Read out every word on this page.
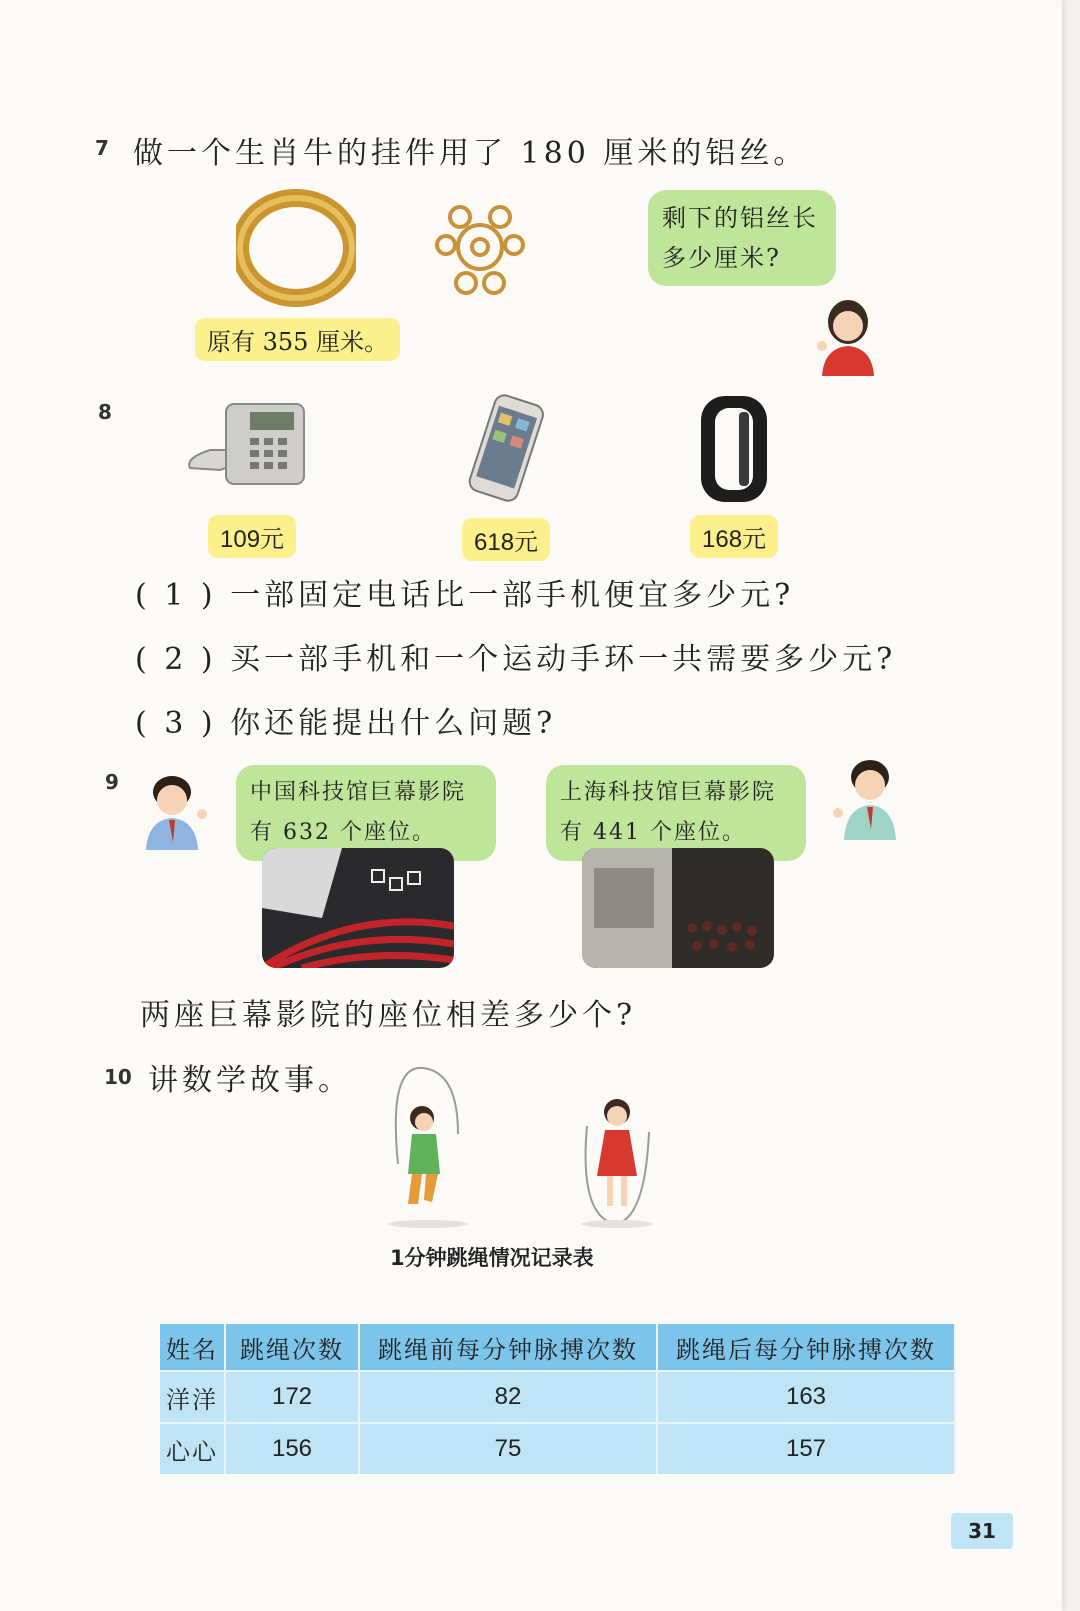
7 做一个生肖牛的挂件用了 180 厘米的铝丝。
原有 355 厘米。
剩下的铝丝长
多少厘米?
8
109元	618元	168元
( 1 ) 一部固定电话比一部手机便宜多少元?
( 2 ) 买一部手机和一个运动手环一共需要多少元?
( 3 ) 你还能提出什么问题?
9	中国科技馆巨幕影院
有 632 个座位。
上海科技馆巨幕影院
有 441 个座位。
两座巨幕影院的座位相差多少个?
10 讲数学故事。
1分钟跳绳情况记录表
姓名	跳绳次数	跳绳前每分钟脉搏次数	跳绳后每分钟脉搏次数
洋洋	172	82	163
心心	156	75	157
31
